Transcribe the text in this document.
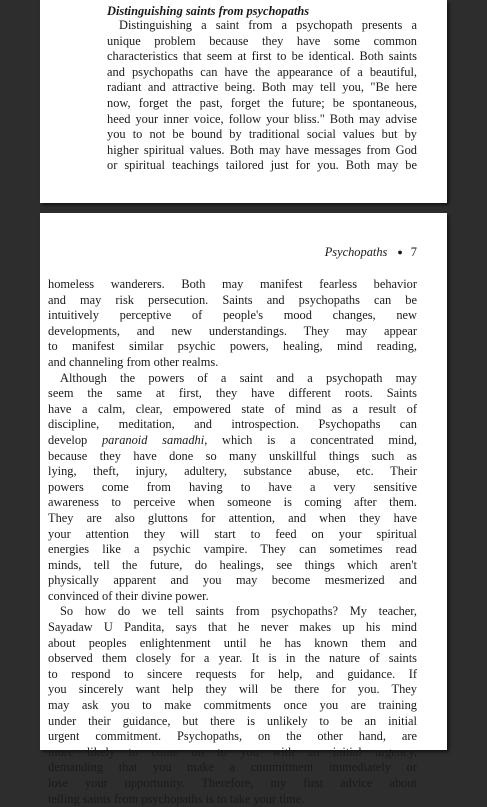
Distinguishing saints from psychopaths
Distinguishing a saint from a psychopath presents a
unique problem because they have some common
characteristics that seem at first to be identical. Both saints
and psychopaths can have the appearance of a beautiful,
radiant and attractive being. Both may tell you, "Be here
now, forget the past, forget the future; be spontaneous,
heed your inner voice, follow your bliss." Both may advise
you to not be bound by traditional social values but by
higher spiritual values. Both may have messages from God
or spiritual teachings tailored just for you. Both may be
Psychopaths ● 7
homeless wanderers. Both may manifest fearless behavior
and may risk persecution. Saints and psychopaths can be
intuitively perceptive of people's mood changes, new
developments, and new understandings. They may appear
to manifest similar psychic powers, healing, mind reading,
and channeling from other realms.
Although the powers of a saint and a psychopath may
seem the same at first, they have different roots. Saints
have a calm, clear, empowered state of mind as a result of
discipline, meditation, and introspection. Psychopaths can
develop paranoid samadhi, which is a concentrated mind,
because they have done so many unskillful things such as
lying, theft, injury, adultery, substance abuse, etc. Their
powers come from having to have a very sensitive
awareness to perceive when someone is coming after them.
They are also gluttons for attention, and when they have
your attention they will start to feed on your spiritual
energies like a psychic vampire. They can sometimes read
minds, tell the future, do healings, see things which aren't
physically apparent and you may become mesmerized and
convinced of their divine power.
So how do we tell saints from psychopaths? My teacher,
Sayadaw U Pandita, says that he never makes up his mind
about peoples enlightenment until he has known them and
observed them closely for a year. It is in the nature of saints
to respond to sincere requests for help, and guidance. If
you sincerely want help they will be there for you. They
may ask you to make commitments once you are training
under their guidance, but there is unlikely to be an initial
urgent commitment. Psychopaths, on the other hand, are
more likely to come on to you with an initial urgency,
demanding that you make a commitment immediately or
lose your opportunity. Therefore, my first advice about
telling saints from psychopaths is to take your time.
